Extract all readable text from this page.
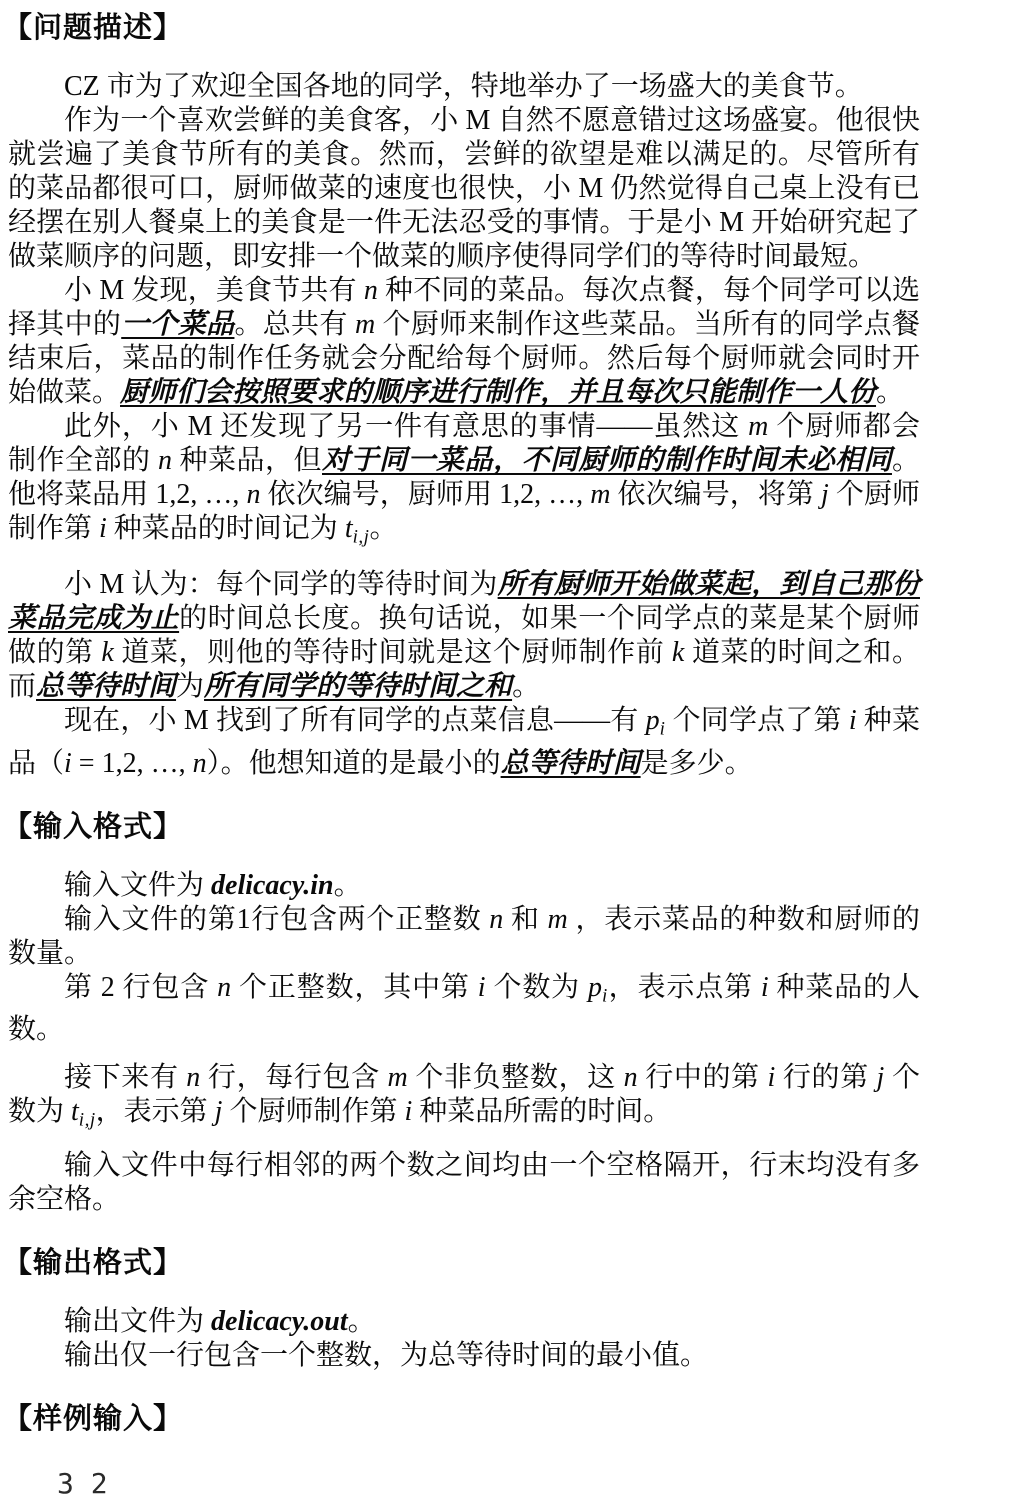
【问题描述】

CZ 市为了欢迎全国各地的同学，特地举办了一场盛大的美食节。

作为一个喜欢尝鲜的美食客，小 M 自然不愿意错过这场盛宴。他很快就尝遍了美食节所有的美食。然而，尝鲜的欲望是难以满足的。尽管所有的菜品都很可口，厨师做菜的速度也很快，小 M 仍然觉得自己桌上没有已经摆在别人餐桌上的美食是一件无法忍受的事情。于是小 M 开始研究起了做菜顺序的问题，即安排一个做菜的顺序使得同学们的等待时间最短。

小 M 发现，美食节共有 n 种不同的菜品。每次点餐，每个同学可以选择其中的一个菜品。总共有 m 个厨师来制作这些菜品。当所有的同学点餐结束后，菜品的制作任务就会分配给每个厨师。然后每个厨师就会同时开始做菜。厨师们会按照要求的顺序进行制作，并且每次只能制作一人份。

此外，小 M 还发现了另一件有意思的事情——虽然这 m 个厨师都会制作全部的 n 种菜品，但对于同一菜品，不同厨师的制作时间未必相同。他将菜品用 1,2, …, n 依次编号，厨师用 1,2, …, m 依次编号，将第 j 个厨师制作第 i 种菜品的时间记为 ti,j。

小 M 认为：每个同学的等待时间为所有厨师开始做菜起，到自己那份菜品完成为止的时间总长度。换句话说，如果一个同学点的菜是某个厨师做的第 k 道菜，则他的等待时间就是这个厨师制作前 k 道菜的时间之和。而总等待时间为所有同学的等待时间之和。

现在，小 M 找到了所有同学的点菜信息——有 pi 个同学点了第 i 种菜品（i = 1,2, …, n）。他想知道的是最小的总等待时间是多少。

【输入格式】

输入文件为 delicacy.in。

输入文件的第1行包含两个正整数 n 和 m ，表示菜品的种数和厨师的数量。

第 2 行包含 n 个正整数，其中第 i 个数为 pi，表示点第 i 种菜品的人数。

接下来有 n 行，每行包含 m 个非负整数，这 n 行中的第 i 行的第 j 个数为 ti,j，表示第 j 个厨师制作第 i 种菜品所需的时间。

输入文件中每行相邻的两个数之间均由一个空格隔开，行末均没有多余空格。

【输出格式】

输出文件为 delicacy.out。

输出仅一行包含一个整数，为总等待时间的最小值。

【样例输入】
3 2
